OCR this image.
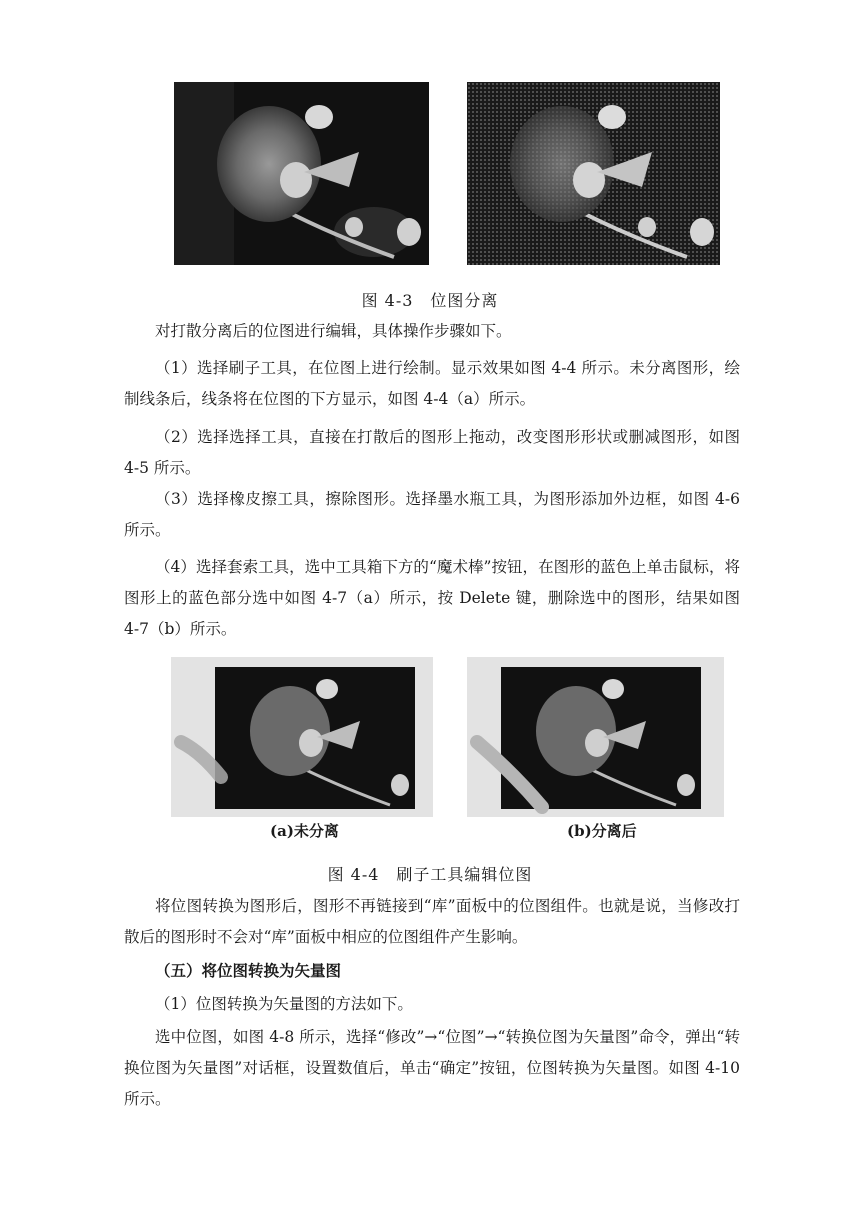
图 4-3　位图分离
对打散分离后的位图进行编辑，具体操作步骤如下。
（1）选择刷子工具，在位图上进行绘制。显示效果如图 4-4 所示。未分离图形，绘制线条后，线条将在位图的下方显示，如图 4-4（a）所示。
（2）选择选择工具，直接在打散后的图形上拖动，改变图形形状或删减图形，如图 4-5 所示。
（3）选择橡皮擦工具，擦除图形。选择墨水瓶工具，为图形添加外边框，如图 4-6 所示。
（4）选择套索工具，选中工具箱下方的“魔术棒”按钮，在图形的蓝色上单击鼠标，将图形上的蓝色部分选中如图 4-7（a）所示，按 Delete 键，删除选中的图形，结果如图 4-7（b）所示。
(a)未分离	(b)分离后
图 4-4　刷子工具编辑位图
将位图转换为图形后，图形不再链接到“库”面板中的位图组件。也就是说，当修改打散后的图形时不会对“库”面板中相应的位图组件产生影响。
（五）将位图转换为矢量图
（1）位图转换为矢量图的方法如下。
选中位图，如图 4-8 所示，选择“修改”→“位图”→“转换位图为矢量图”命令，弹出“转换位图为矢量图”对话框，设置数值后，单击“确定”按钮，位图转换为矢量图。如图 4-10 所示。
